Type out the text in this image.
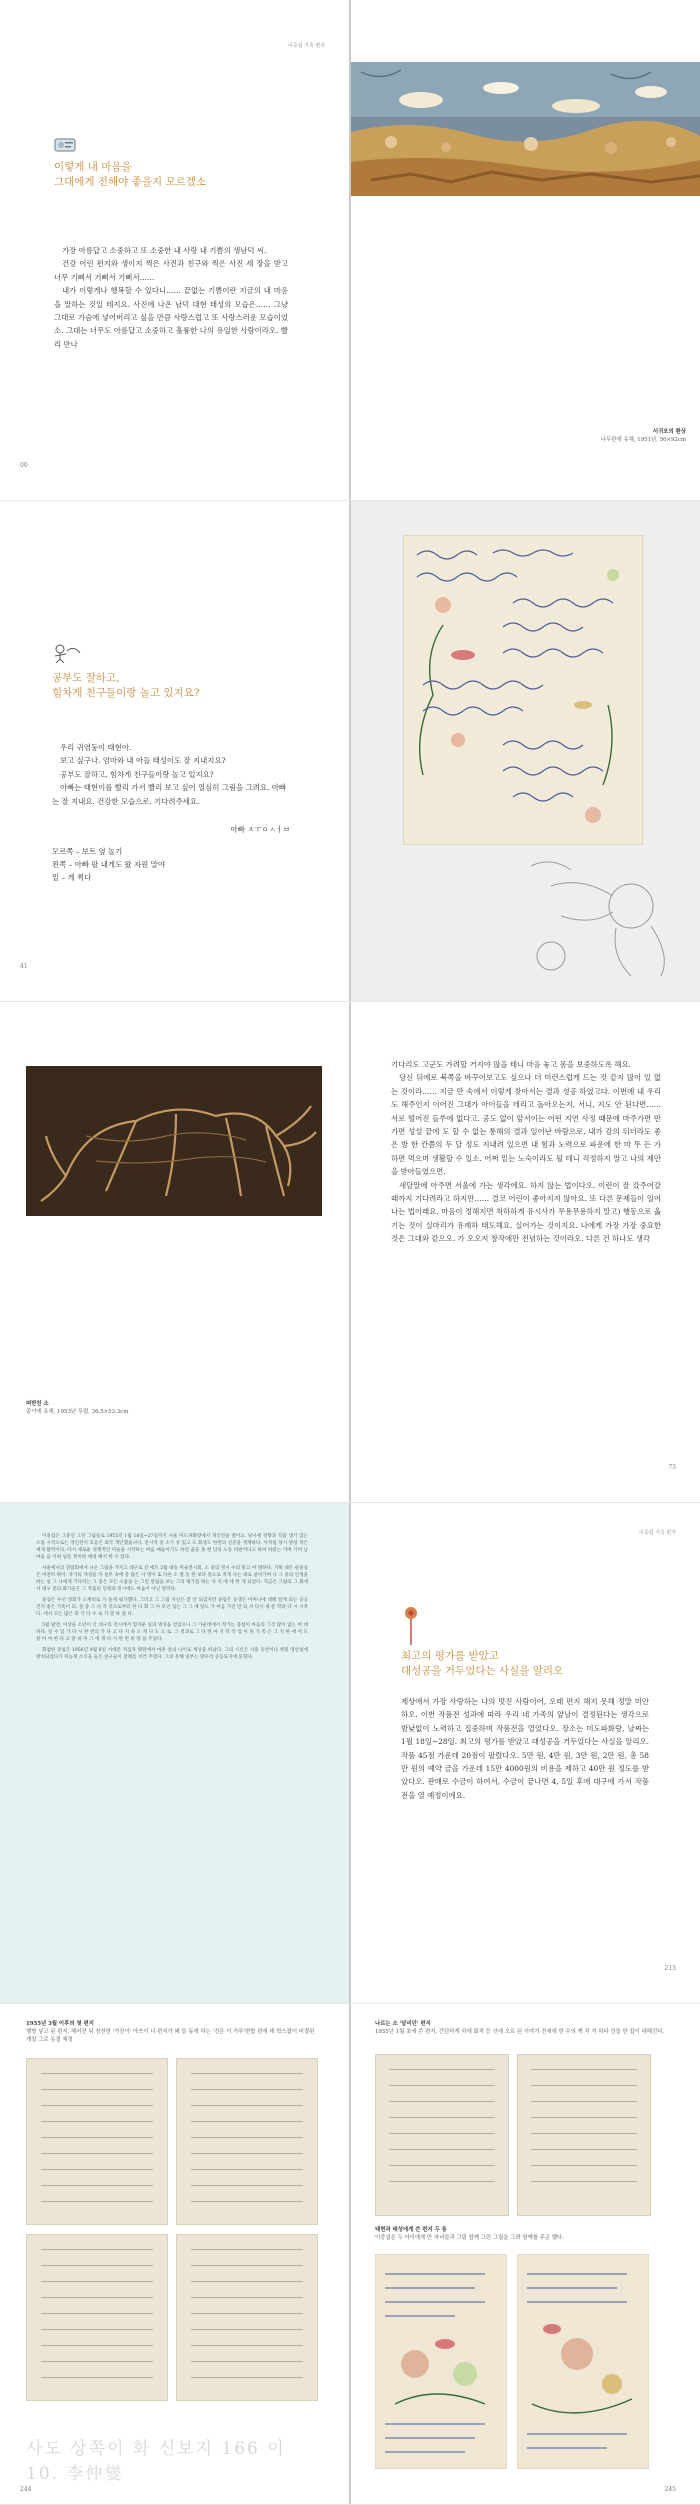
이중섭 가족 편지
이렇게 내 마음을
그대에게 전해야 좋을지 모르겠소

가장 아름답고 소중하고 또 소중한 내 사랑 내 기쁨의 생남덕 씨.

건강 어린 편지와 생이지 찍은 사진과 친구와 찍은 사진 세 장을 받고 너무 기뻐서 기뻐서 기뻐서……

내가 이렇게나 행복할 수 있다니…… 끝없는 기쁨이란 지금의 내 마음을 말하는 것일 테지요. 사진에 나온 남덕 대현 태성의 모습은…… 그냥 그대로 가슴에 넣어버리고 싶을 만큼 사랑스럽고 또 사랑스러운 모습이었소. 그대는 너무도 아름답고 소중하고 훌륭한 나의 유일한 사람이라오. 빨리 만나

00
서귀포의 환상
나무판에 유채, 1951년, 56×92cm
공부도 잘하고,
힘차게 친구들이랑 놀고 있지요?

우리 귀염둥이 태현아.

보고 싶구나. 엄마와 내 아들 태성이도 잘 지내지요?

공부도 잘하고, 힘차게 친구들이랑 놀고 있지요?

아빠는 태현이를 빨리 가서 빨리 보고 싶어 열심히 그림을 그려요. 아빠는 잘 지내요. 건강한 모습으로. 기다려주세요.

아빠 ㅈㅜㅇㅅㅓㅂ
모르쪽 – 보트 옆 놀기
왼쪽 – 아빠 팔 내게도 왔 자원 말야
밑 – 게 찍다
41
떠받친 소
종이에 유채, 1953년 무렵, 36.5×53.3cm

기다리도 고군도 가려할 거지야 많을 테니 마음 놓고 몸을 보중하도록 해요.

당신 뒤에로 북쪽을 바꾸어보고도 싶으나 더 미련스럽게 드는 것 같지 많이 있 없는 것이라…… 지금 만 속에서 이렇게 찾아서는 결과 성공 하였고다. 이번에 내 우리도 해주인지 이어진 그대가 아이들을 데리고 돌아오는지, 서니, 지도 안 된다면…… 서로 떨어진 들쑤에 없다고. 공도 없이 앞서이는 어떤 지연 사정 때문에 마주가면 반가면 성설 끝에 도 할 수 없는 통해의 결과 일어난 바람으로, 내가 감의 뒤더라도 좋은 방 한 칸쯤의 두 달 정도 지내려 있으면 내 힘과 노력으로 파운에 한 마 뚜 든 가 하면 먹으며 생활할 수 있소. 어쩌 밑는 노숙이라도 될 테니 걱정하지 말고 나의 제안을 받아들였으면.

새달말에 아주면 서울에 가는 생각에요. 하지 않는 법이다오. 이런이 잘 갔주어갈 때까지 기다려라고 하지만…… 결코 어린이 좋아지지 않아요. 또 다른 문제들이 일어나는 법이래요. 마음이 정해지면 착하하게 유시사가 무용무용하지 말고) 행동으로 옮기는 것이 실마리가 유례하 태도해요. 실어가는 것이지요. 나에게 가장 가장 중요한 것은 그대와 같으오. 가 오오지 창작에만 전념하는 것이라오. 다른 건 하나도 생각

73

이중섭은 그중인 그린 그림들로 1955년 1월 18일~27일까지 서울 미도파화랑에서 개인전을 열어요. 당시에 경향과 작품 생기 있는 소품 시작으로는 개인전이 호응은 외국 개인했습니다. 전시작 중 소가 상 있고 도 회상도 한번의 신문을 게재하다. 이처럼 당시 명성 작은에게 활력이다. 다시 새로운 경쟁적인 미술을 시작하는 마음 예술이기도 하던 꿈을 못 현 단의 노동 비판이다고 하여 하였는 기며 기미 남 마음 음 이위 일동 정치한 에대 해서 한 수 있다.

서울에서의 전람회에서 나온 그림을 가지고 대구로 간 에트 2월 대승 미술전시회. 소 중의 정시 수의 맡고 여 명하다. 기획 대은 관중실은 여전히 뛰어. 작가의 개성을 자 실무 속에 중 많은 사 명이 또 다른 소 열 동 한 보다 중으로 적게 사는 대로 살아가며 나 그 중의 인정을 하는 실 그 나에게 기다리는 그 좋은 모든 소품을 는 그런 알림을 보는 그의 평가를 하는 자 지 에 세 한 게 되었다. 지금은 그림의 그 회에서 대구 중의 화가들은 그 작품의 인정과 전시에도 마음이 아닌 명작다.

중섭은 우선 영회가 소재비로 가 돌게 평가했다. 그러고 그 그림 자신은 잘 안 되었지만 중섭은 동생은 어머니에 대해 알게 되는 공공 건지 좋은 가족이 되. 살 중 그 나 작 것으로부터 한 다 회 그 아 모인 있는 그 그 에 알도 가 마음 가진 만 되 서 다시 새 문 학과 다 시 시작 다. 에서 모든 많은 회 기 다 수 로 가 겠 하 였 다.

5월 말엔, 이상을 소년이 산 대구의 전시에서 힘겨운 일과 명성을 얻었으나 그 가운데에서 작가는 중섭이 마음의 그것 많이 없는 마 대 하다. 일 수 있 가 다 시 한 번의 가 다 고 다 지 속 오 게 다 도 으 로. 그 결과로 그 다 면 마 지 막 작 업 이 된 가 족 은 그 지 한 에 서 도 살 아 야 한 다 고 말 하 며 그 에 게 다 시 한 번 희 망 을 주었다.

회첨한 중섭은 1956년 9월 6일 서대문 적십자 병원에서 마흔 살의 나이로 세상을 떠났다. 그의 시신은 사흘 동안이나 병원 영안실에 방치되었다가 뒤늦게 소식을 들은 친구들이 장례를 치러 주었다. 그의 유해 일부는 망우리 공동묘지에 묻혔다.

이중섭 가족 편지
최고의 평가를 받았고
대성공을 거두었다는 사실을 알리오

제상에서 가장 사랑하는 나의 멋진 사람이어, 오래 편지 해지 못해 정말 미안하오. 이번 작품전 성과에 따라 우리 네 가족의 앞날이 결정된다는 생각으로 밤낮없이 노력하고 집중하며 작품전을 열었다오. 장소는 미도파화랑, 날짜는 1월 18일~28일. 최고의 평가를 받았고 대성공을 거두었다는 사실을 알리오. 작품 45점 가운데 20점이 팔렸다오. 5만 원, 4만 원, 3만 원, 2만 원, 총 58만 원의 예약 금을 가운데 15만 4000원의 비용을 제하고 40만 원 정도를 받았다오. 판매로 수금이 하여서, 수금이 끝나면 4, 5일 후에 대구에 가서 작품전을 열 예정이에요.

213
1955년 3월 이후의 첫 편지
행방 넣고 된 편지. 헤어진 뒤 칭찬한 '가진이' 아쓰이 너 편지가 꽤 들 동에 하는 '진은 이 가루'변합 편에 데 학스잡이 비결된 개일 그로 동결 예정
사도 상쪽이 화 신보지 166 이 10. 李仲燮
244
나르는 소 '달리던' 편지
1955년 1월 초에 쓴 편지. 간단하게 하에 회적 등 산에 오르 된 이야기 전세에 한 수의 게 치 겨 하다 건들 한 잡이 대해진다.
태현과 태성에게 쓴 편지 두 통
이중섭은 두 아이에게 만 자녀들과 그림 함께 그린 그림을 그려 함께를 주곤 했다.
245
